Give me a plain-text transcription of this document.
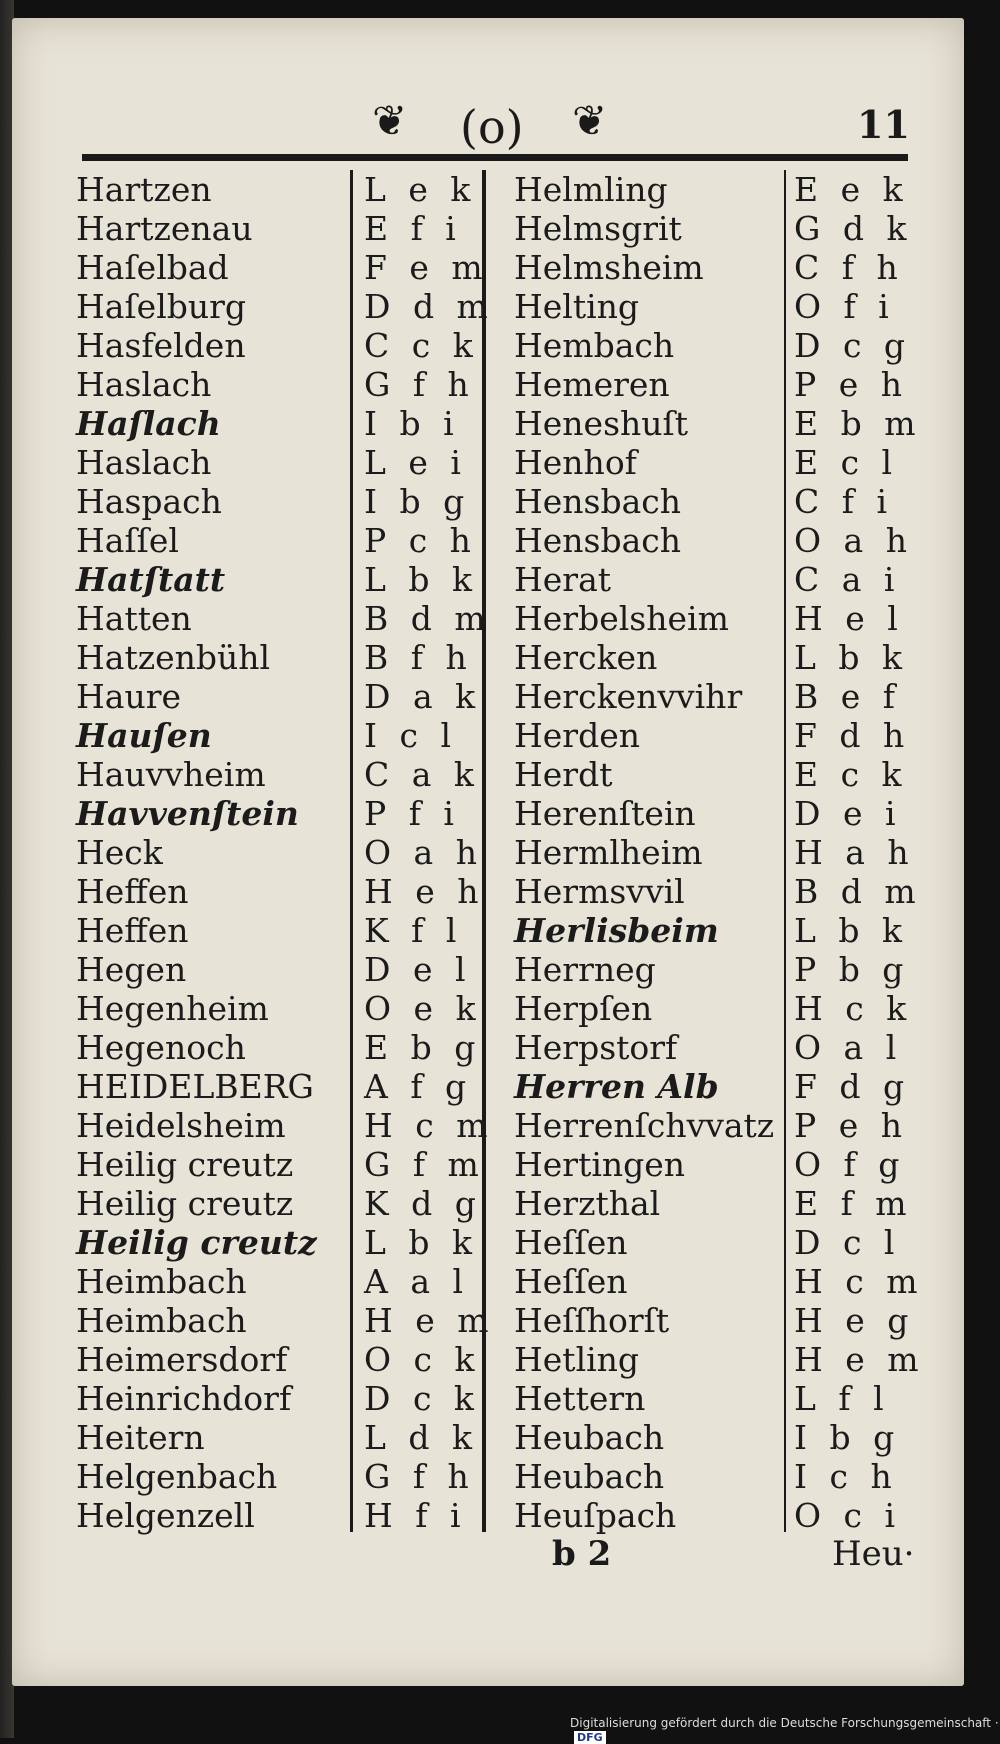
❦ (o) ❦	11
Hartzen	L e k Helmling	E e k
Hartzenau	E f i	Helmsgrit	G d k
Haſelbad	F e m Helmsheim	C f h
Haſelburg	D d m Helting	O f i
Hasfelden	C c k Hembach	D c g
Haslach	G f h Hemeren	P e h
Haſlach	I b i	Heneshuſt	E b m
Haslach	L e i Henhof	E c l
Haspach	I b g Hensbach	C f i
Haſſel	P c h Hensbach	O a h
Hatſtatt	L b k Herat	C a i
Hatten	B d m Herbelsheim H e l
Hatzenbühl	B f h Hercken	L b k
Haure	D a k Herckenvvihr B e f
Hauſen	I c l	Herden	F d h
Hauvvheim	C a k Herdt	E c k
Havvenſtein P f i	Herenſtein	D e i
Heck	O a h Hermlheim	H a h
Heffen	H e h Hermsvvil	B d m
Heffen	K f l	Herlisbeim L b k
Hegen	D e l Herrneg	P b g
Hegenheim	O e k Herpſen	H c k
Hegenoch	E b g Herpstorf	O a l
HEIDELBERG A f g Herren Alb F d g
Heidelsheim H c m Herrenſchvvatz P e h
Heilig creutz G f m Hertingen	O f g
Heilig creutz K d g Herzthal	E f m
Heilig creutz L b k Heſſen	D c l
Heimbach	A a l Heſſen	H c m
Heimbach	H e m Heſſhorſt	H e g
Heimersdorf O c k Hetling	H e m
Heinrichdorf D c k Hettern	L f l
Heitern	L d k Heubach	I b g
Helgenbach	G f h Heubach	I c h
Helgenzell	H f i Heuſpach	O c i
b 2	Heu·
Digitalisierung gefördert durch die Deutsche Forschungsgemeinschaft ·DFG
